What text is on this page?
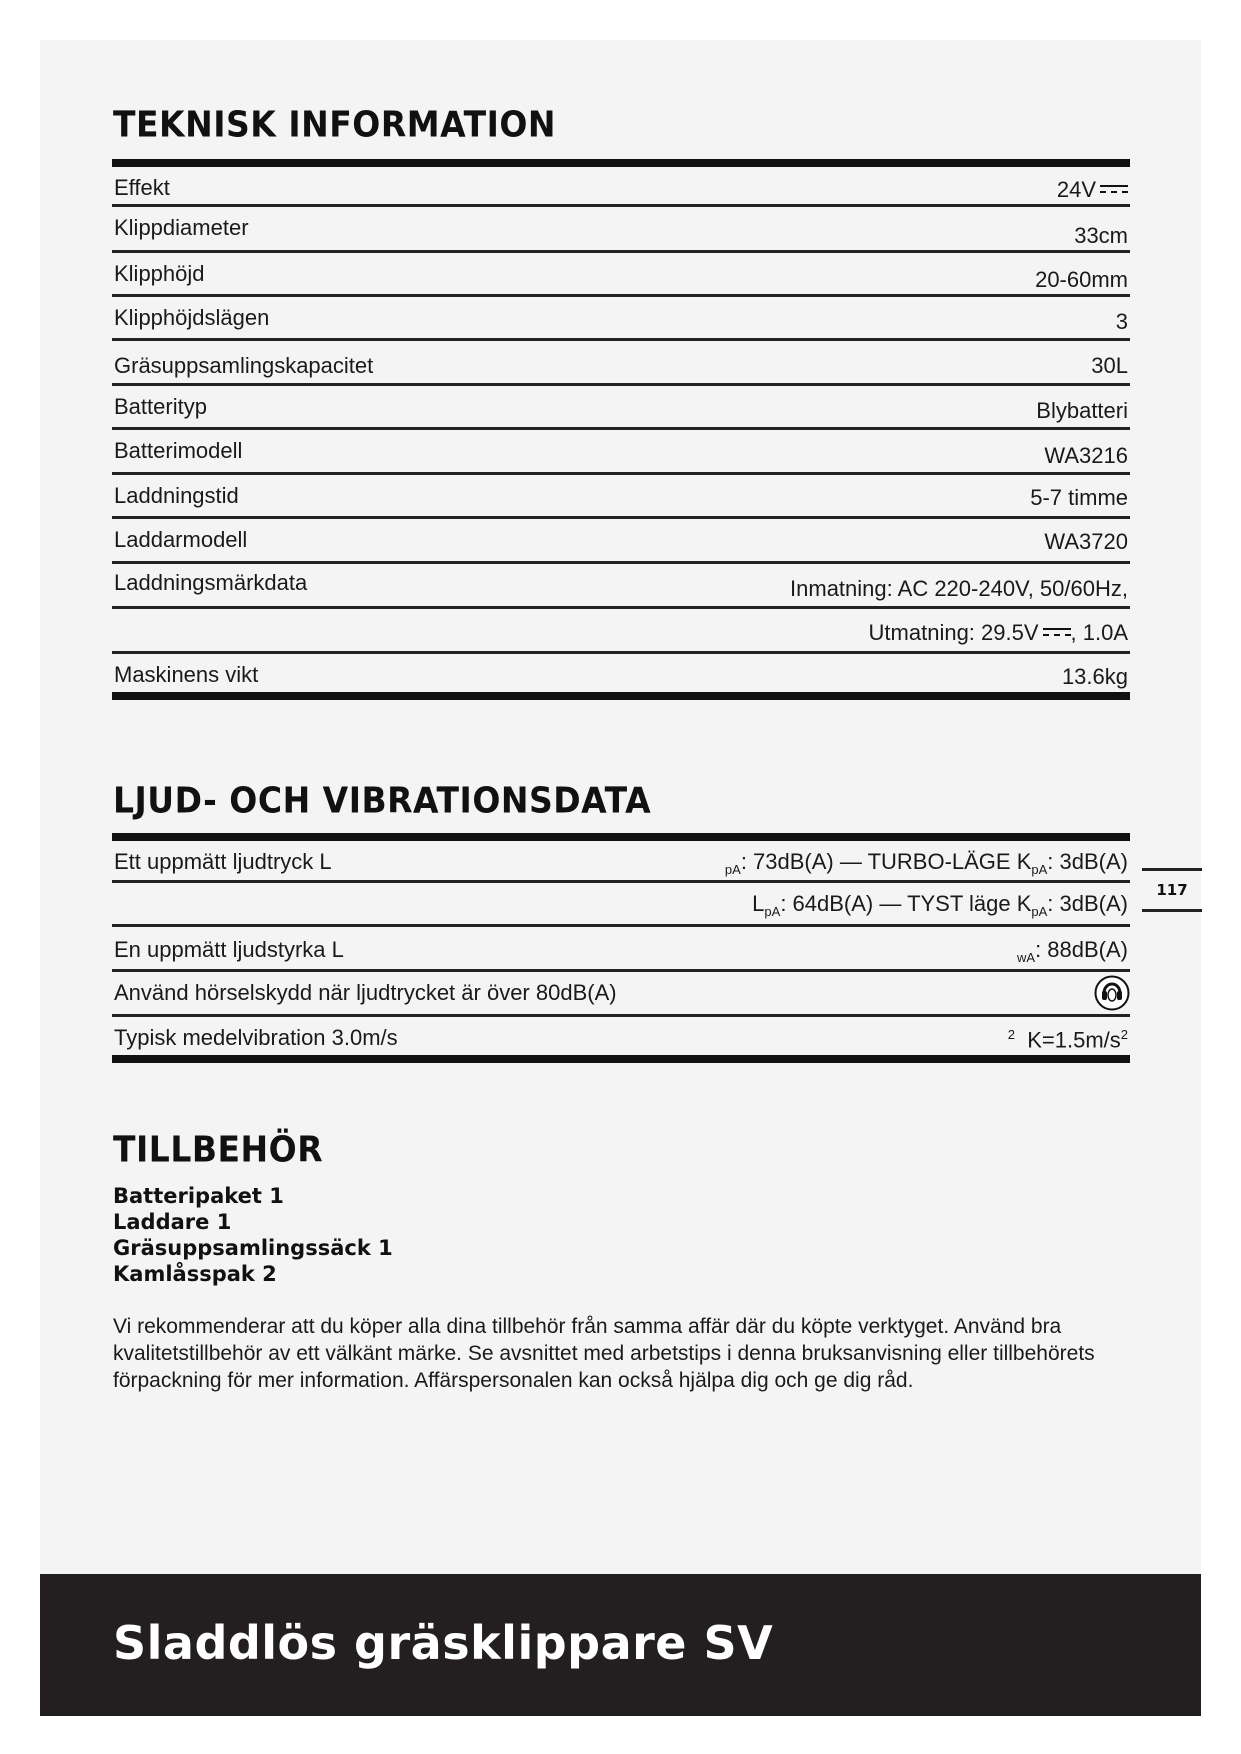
TEKNISK INFORMATION
Effekt	24V
Klippdiameter	33cm
Klipphöjd	20-60mm
Klipphöjdslägen	3
Gräsuppsamlingskapacitet	30L
Batterityp	Blybatteri
Batterimodell	WA3216
Laddningstid	5-7 timme
Laddarmodell	WA3720
Laddningsmärkdata	Inmatning: AC 220-240V, 50/60Hz,
Utmatning: 29.5V , 1.0A
Maskinens vikt	13.6kg
LJUD- OCH VIBRATIONSDATA
Ett uppmätt ljudtryck L	$_{pA}$: 73dB(A) — TURBO-LÄGE $K_{pA}$: 3dB(A)
$L_{pA}$: 64dB(A) — TYST läge $K_{pA}$: 3dB(A)
En uppmätt ljudstyrka L	$_{wA}$: 88dB(A)
Använd hörselskydd när ljudtrycket är över 80dB(A)
Typisk medelvibration 3.0m/s	$^2$ $K=1.5m/s^2$
117
TILLBEHÖR
Batteripaket 1
Laddare 1
Gräsuppsamlingssäck 1
Kamlåsspak 2

Vi rekommenderar att du köper alla dina tillbehör från samma affär där du köpte verktyget. Använd bra kvalitetstillbehör av ett välkänt märke. Se avsnittet med arbetstips i denna bruksanvisning eller tillbehörets förpackning för mer information. Affärspersonalen kan också hjälpa dig och ge dig råd.

Sladdlös gräsklippare SV
